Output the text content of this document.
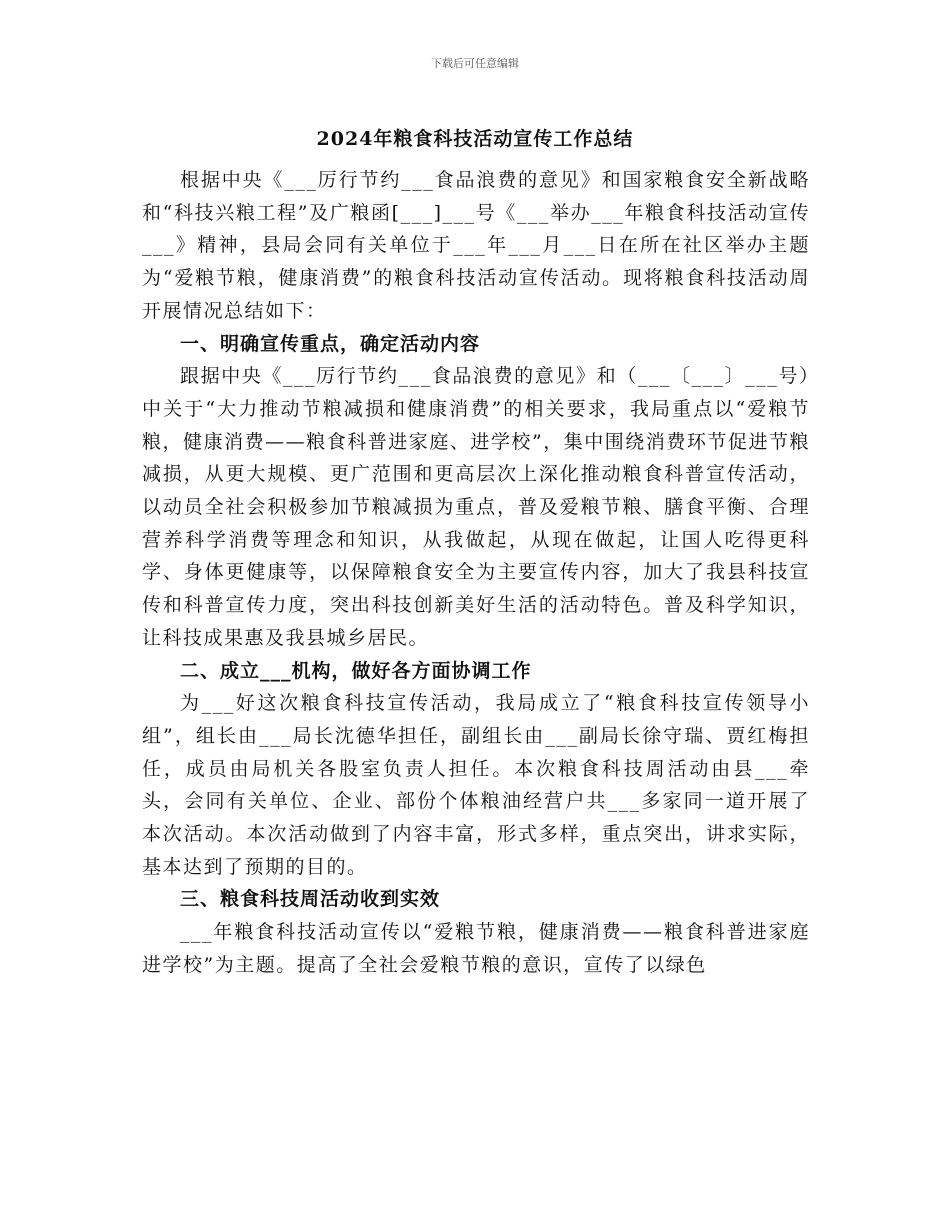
下载后可任意编辑
2024年粮食科技活动宣传工作总结

根据中央《___厉行节约___食品浪费的意见》和国家粮食安全新战略和“科技兴粮工程”及广粮函[___]___号《___举办___年粮食科技活动宣传___》精神，县局会同有关单位于___年___月___日在所在社区举办主题为“爱粮节粮，健康消费”的粮食科技活动宣传活动。现将粮食科技活动周开展情况总结如下：

一、明确宣传重点，确定活动内容

跟据中央《___厉行节约___食品浪费的意见》和（___〔___〕___号）中关于“大力推动节粮减损和健康消费”的相关要求，我局重点以“爱粮节粮，健康消费——粮食科普进家庭、进学校”，集中围绕消费环节促进节粮减损，从更大规模、更广范围和更高层次上深化推动粮食科普宣传活动，以动员全社会积极参加节粮减损为重点，普及爱粮节粮、膳食平衡、合理营养科学消费等理念和知识，从我做起，从现在做起，让国人吃得更科学、身体更健康等，以保障粮食安全为主要宣传内容，加大了我县科技宣传和科普宣传力度，突出科技创新美好生活的活动特色。普及科学知识，让科技成果惠及我县城乡居民。

二、成立___机构，做好各方面协调工作

为___好这次粮食科技宣传活动，我局成立了“粮食科技宣传领导小组”，组长由___局长沈德华担任，副组长由___副局长徐守瑞、贾红梅担任，成员由局机关各股室负责人担任。本次粮食科技周活动由县___牵头，会同有关单位、企业、部份个体粮油经营户共___多家同一道开展了本次活动。本次活动做到了内容丰富，形式多样，重点突出，讲求实际，基本达到了预期的目的。

三、粮食科技周活动收到实效

___年粮食科技活动宣传以“爱粮节粮，健康消费——粮食科普进家庭进学校”为主题。提高了全社会爱粮节粮的意识，宣传了以绿色
